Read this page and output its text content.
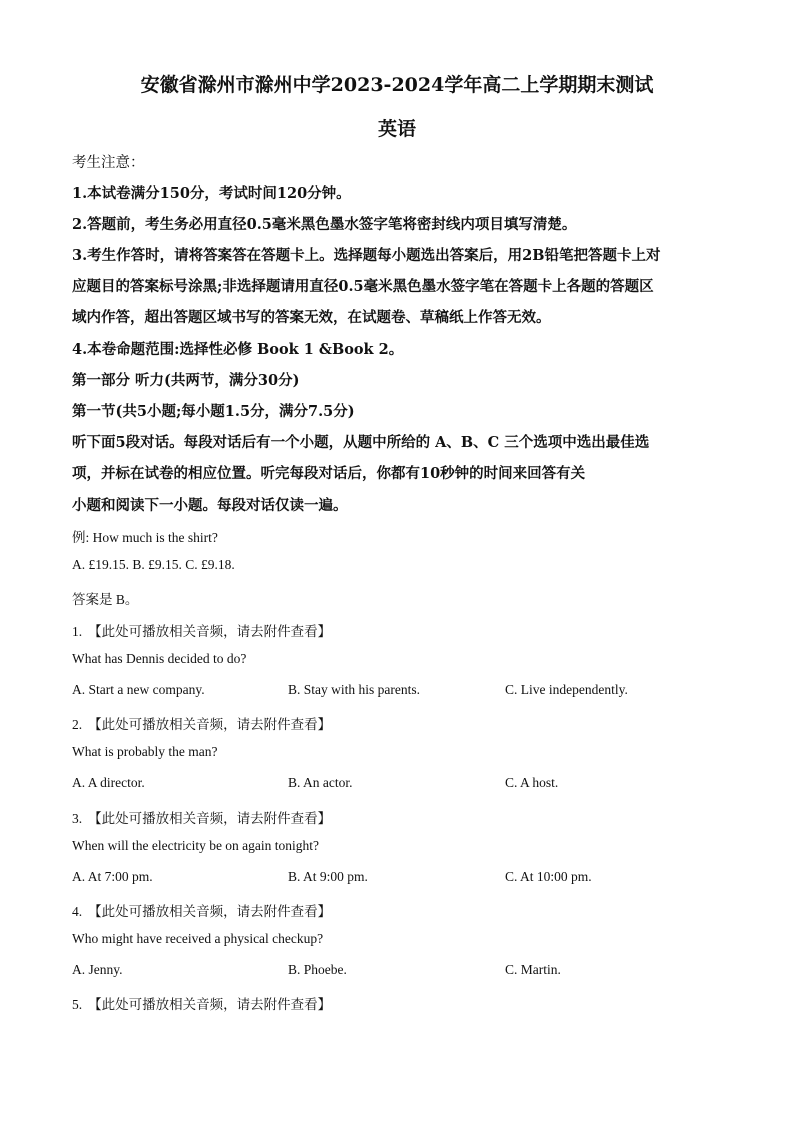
安徽省滁州市滁州中学2023-2024学年高二上学期期末测试
英语
考生注意：
1.本试卷满分150分，考试时间120分钟。
2.答题前，考生务必用直径0.5毫米黑色墨水签字笔将密封线内项目填写清楚。
3.考生作答时，请将答案答在答题卡上。选择题每小题选出答案后，用2B铅笔把答题卡上对
应题目的答案标号涂黑;非选择题请用直径0.5毫米黑色墨水签字笔在答题卡上各题的答题区
域内作答，超出答题区域书写的答案无效，在试题卷、草稿纸上作答无效。
4.本卷命题范围:选择性必修 Book 1 &Book 2。
第一部分 听力(共两节，满分30分)
第一节(共5小题;每小题1.5分，满分7.5分)
听下面5段对话。每段对话后有一个小题，从题中所给的 A、B、C 三个选项中选出最佳选
项，并标在试卷的相应位置。听完每段对话后，你都有10秒钟的时间来回答有关
小题和阅读下一小题。每段对话仅读一遍。
例: How much is the shirt?
A. £19.15. B. £9.15. C. £9.18.
答案是 B。
1. 【此处可播放相关音频，请去附件查看】
What has Dennis decided to do?
A. Start a new company.	B. Stay with his parents.	C. Live independently.
2. 【此处可播放相关音频，请去附件查看】
What is probably the man?
A. A director.	B. An actor.	C. A host.
3. 【此处可播放相关音频，请去附件查看】
When will the electricity be on again tonight?
A. At 7:00 pm.	B. At 9:00 pm.	C. At 10:00 pm.
4. 【此处可播放相关音频，请去附件查看】
Who might have received a physical checkup?
A. Jenny.	B. Phoebe.	C. Martin.
5. 【此处可播放相关音频，请去附件查看】
